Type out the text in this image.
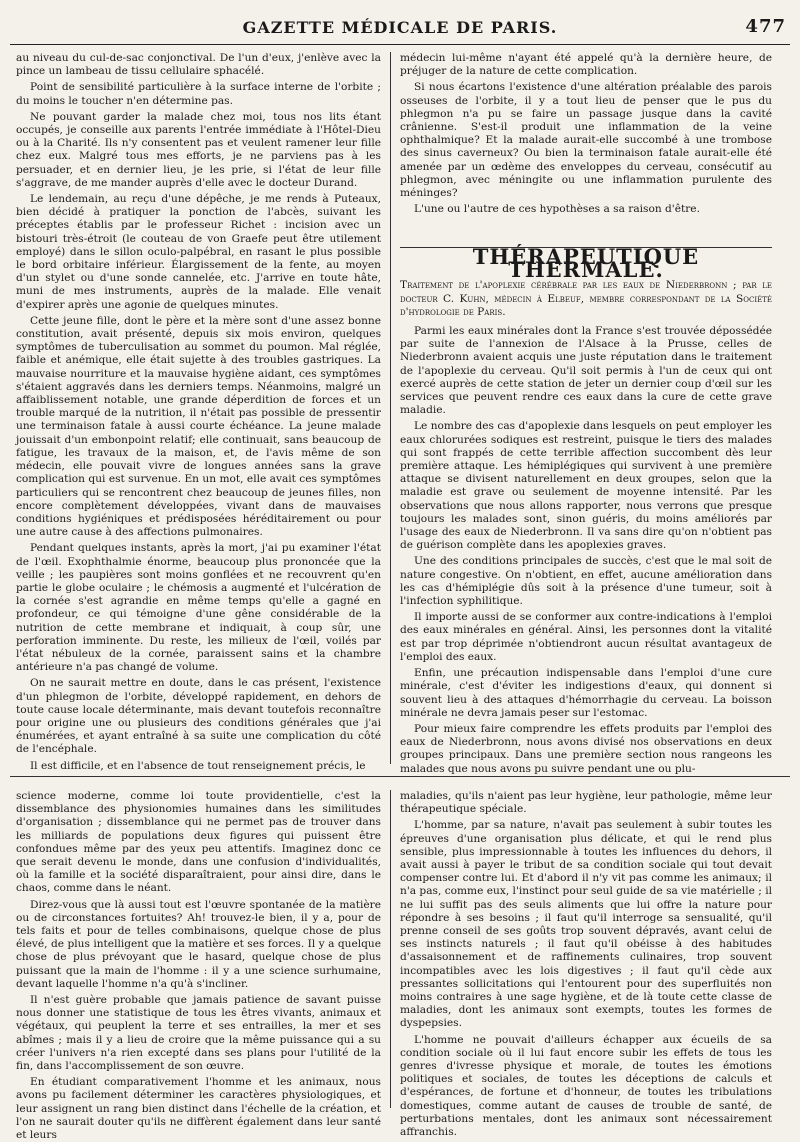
GAZETTE MÉDICALE DE PARIS.	477

au niveau du cul-de-sac conjonctival. De l'un d'eux, j'enlève avec la pince un lambeau de tissu cellulaire sphacélé.

Point de sensibilité particulière à la surface interne de l'orbite ; du moins le toucher n'en détermine pas.

Ne pouvant garder la malade chez moi, tous nos lits étant occupés, je conseille aux parents l'entrée immédiate à l'Hôtel-Dieu ou à la Charité. Ils n'y consentent pas et veulent ramener leur fille chez eux. Malgré tous mes efforts, je ne parviens pas à les persuader, et en dernier lieu, je les prie, si l'état de leur fille s'aggrave, de me mander auprès d'elle avec le docteur Durand.

Le lendemain, au reçu d'une dépêche, je me rends à Puteaux, bien décidé à pratiquer la ponction de l'abcès, suivant les préceptes établis par le professeur Richet : incision avec un bistouri très-étroit (le couteau de von Graefe peut être utilement employé) dans le sillon oculo-palpébral, en rasant le plus possible le bord orbitaire inférieur. Élargissement de la fente, au moyen d'un stylet ou d'une sonde cannelée, etc. J'arrive en toute hâte, muni de mes instruments, auprès de la malade. Elle venait d'expirer après une agonie de quelques minutes.

Cette jeune fille, dont le père et la mère sont d'une assez bonne constitution, avait présenté, depuis six mois environ, quelques symptômes de tuberculisation au sommet du poumon. Mal réglée, faible et anémique, elle était sujette à des troubles gastriques. La mauvaise nourriture et la mauvaise hygiène aidant, ces symptômes s'étaient aggravés dans les derniers temps. Néanmoins, malgré un affaiblissement notable, une grande déperdition de forces et un trouble marqué de la nutrition, il n'était pas possible de pressentir une terminaison fatale à aussi courte échéance. La jeune malade jouissait d'un embonpoint relatif; elle continuait, sans beaucoup de fatigue, les travaux de la maison, et, de l'avis même de son médecin, elle pouvait vivre de longues années sans la grave complication qui est survenue. En un mot, elle avait ces symptômes particuliers qui se rencontrent chez beaucoup de jeunes filles, non encore complètement développées, vivant dans de mauvaises conditions hygiéniques et prédisposées héréditairement ou pour une autre cause à des affections pulmonaires.

Pendant quelques instants, après la mort, j'ai pu examiner l'état de l'œil. Exophthalmie énorme, beaucoup plus prononcée que la veille ; les paupières sont moins gonflées et ne recouvrent qu'en partie le globe oculaire ; le chémosis a augmenté et l'ulcération de la cornée s'est agrandie en même temps qu'elle a gagné en profondeur, ce qui témoigne d'une gêne considérable de la nutrition de cette membrane et indiquait, à coup sûr, une perforation imminente. Du reste, les milieux de l'œil, voilés par l'état nébuleux de la cornée, paraissent sains et la chambre antérieure n'a pas changé de volume.

On ne saurait mettre en doute, dans le cas présent, l'existence d'un phlegmon de l'orbite, développé rapidement, en dehors de toute cause locale déterminante, mais devant toutefois reconnaître pour origine une ou plusieurs des conditions générales que j'ai énumérées, et ayant entraîné à sa suite une complication du côté de l'encéphale.

Il est difficile, et en l'absence de tout renseignement précis, le

médecin lui-même n'ayant été appelé qu'à la dernière heure, de préjuger de la nature de cette complication.

Si nous écartons l'existence d'une altération préalable des parois osseuses de l'orbite, il y a tout lieu de penser que le pus du phlegmon n'a pu se faire un passage jusque dans la cavité crânienne. S'est-il produit une inflammation de la veine ophthalmique? Et la malade aurait-elle succombé à une trombose des sinus caverneux? Ou bien la terminaison fatale aurait-elle été amenée par un œdème des enveloppes du cerveau, consécutif au phlegmon, avec méningite ou une inflammation purulente des méninges?

L'une ou l'autre de ces hypothèses a sa raison d'être.

THÉRAPEUTIQUE THERMALE.

Traitement de l'apoplexie cérébrale par les eaux de Niederbronn ; par le docteur C. Kuhn, médecin à Elbeuf, membre correspondant de la Société d'hydrologie de Paris.

Parmi les eaux minérales dont la France s'est trouvée dépossédée par suite de l'annexion de l'Alsace à la Prusse, celles de Niederbronn avaient acquis une juste réputation dans le traitement de l'apoplexie du cerveau. Qu'il soit permis à l'un de ceux qui ont exercé auprès de cette station de jeter un dernier coup d'œil sur les services que peuvent rendre ces eaux dans la cure de cette grave maladie.

Le nombre des cas d'apoplexie dans lesquels on peut employer les eaux chlorurées sodiques est restreint, puisque le tiers des malades qui sont frappés de cette terrible affection succombent dès leur première attaque. Les hémiplégiques qui survivent à une première attaque se divisent naturellement en deux groupes, selon que la maladie est grave ou seulement de moyenne intensité. Par les observations que nous allons rapporter, nous verrons que presque toujours les malades sont, sinon guéris, du moins améliorés par l'usage des eaux de Niederbronn. Il va sans dire qu'on n'obtient pas de guérison complète dans les apoplexies graves.

Une des conditions principales de succès, c'est que le mal soit de nature congestive. On n'obtient, en effet, aucune amélioration dans les cas d'hémiplégie dûs soit à la présence d'une tumeur, soit à l'infection syphilitique.

Il importe aussi de se conformer aux contre-indications à l'emploi des eaux minérales en général. Ainsi, les personnes dont la vitalité est par trop déprimée n'obtiendront aucun résultat avantageux de l'emploi des eaux.

Enfin, une précaution indispensable dans l'emploi d'une cure minérale, c'est d'éviter les indigestions d'eaux, qui donnent si souvent lieu à des attaques d'hémorrhagie du cerveau. La boisson minérale ne devra jamais peser sur l'estomac.

Pour mieux faire comprendre les effets produits par l'emploi des eaux de Niederbronn, nous avons divisé nos observations en deux groupes principaux. Dans une première section nous rangeons les malades que nous avons pu suivre pendant une ou plu-

science moderne, comme loi toute providentielle, c'est la dissemblance des physionomies humaines dans les similitudes d'organisation ; dissemblance qui ne permet pas de trouver dans les milliards de populations deux figures qui puissent être confondues même par des yeux peu attentifs. Imaginez donc ce que serait devenu le monde, dans une confusion d'individualités, où la famille et la société disparaîtraient, pour ainsi dire, dans le chaos, comme dans le néant.

Direz-vous que là aussi tout est l'œuvre spontanée de la matière ou de circonstances fortuites? Ah! trouvez-le bien, il y a, pour de tels faits et pour de telles combinaisons, quelque chose de plus élevé, de plus intelligent que la matière et ses forces. Il y a quelque chose de plus prévoyant que le hasard, quelque chose de plus puissant que la main de l'homme : il y a une science surhumaine, devant laquelle l'homme n'a qu'à s'incliner.

Il n'est guère probable que jamais patience de savant puisse nous donner une statistique de tous les êtres vivants, animaux et végétaux, qui peuplent la terre et ses entrailles, la mer et ses abîmes ; mais il y a lieu de croire que la même puissance qui a su créer l'univers n'a rien excepté dans ses plans pour l'utilité de la fin, dans l'accomplissement de son œuvre.

En étudiant comparativement l'homme et les animaux, nous avons pu facilement déterminer les caractères physiologiques, et leur assignent un rang bien distinct dans l'échelle de la création, et l'on ne saurait douter qu'ils ne diffèrent également dans leur santé et leurs

maladies, qu'ils n'aient pas leur hygiène, leur pathologie, même leur thérapeutique spéciale.

L'homme, par sa nature, n'avait pas seulement à subir toutes les épreuves d'une organisation plus délicate, et qui le rend plus sensible, plus impressionnable à toutes les influences du dehors, il avait aussi à payer le tribut de sa condition sociale qui tout devait compenser contre lui. Et d'abord il n'y vit pas comme les animaux; il n'a pas, comme eux, l'instinct pour seul guide de sa vie matérielle ; il ne lui suffit pas des seuls aliments que lui offre la nature pour répondre à ses besoins ; il faut qu'il interroge sa sensualité, qu'il prenne conseil de ses goûts trop souvent dépravés, avant celui de ses instincts naturels ; il faut qu'il obéisse à des habitudes d'assaisonnement et de raffinements culinaires, trop souvent incompatibles avec les lois digestives ; il faut qu'il cède aux pressantes sollicitations qui l'entourent pour des superfluités non moins contraires à une sage hygiène, et de là toute cette classe de maladies, dont les animaux sont exempts, toutes les formes de dyspepsies.

L'homme ne pouvait d'ailleurs échapper aux écueils de sa condition sociale où il lui faut encore subir les effets de tous les genres d'ivresse physique et morale, de toutes les émotions politiques et sociales, de toutes les déceptions de calculs et d'espérances, de fortune et d'honneur, de toutes les tribulations domestiques, comme autant de causes de trouble de santé, de perturbations mentales, dont les animaux sont nécessairement affranchis.
